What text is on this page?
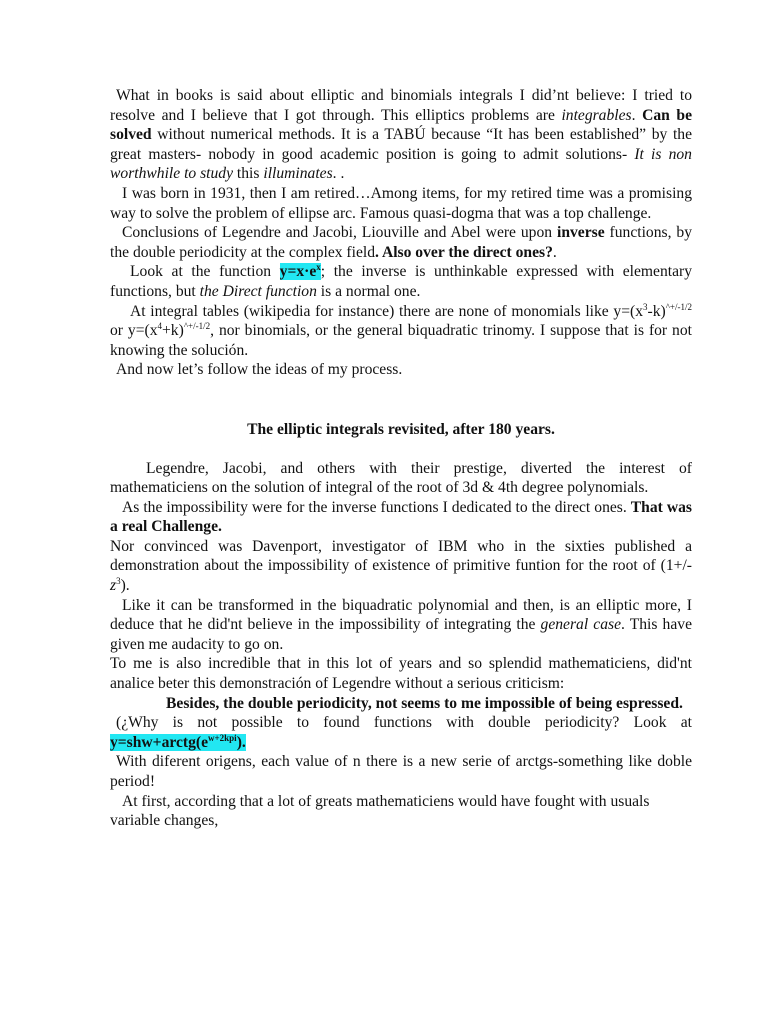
What in books is said about elliptic and binomials integrals I did’nt believe: I tried to resolve and I believe that I got through. This elliptics problems are integrables. Can be solved without numerical methods. It is a TABÚ because “It has been established” by the great masters- nobody in good academic position is going to admit solutions- It is non worthwhile to study this illuminates. .

I was born in 1931, then I am retired…Among items, for my retired time was a promising way to solve the problem of ellipse arc. Famous quasi-dogma that was a top challenge.

Conclusions of Legendre and Jacobi, Liouville and Abel were upon inverse functions, by the double periodicity at the complex field. Also over the direct ones?.

Look at the function $y=x\cdot e^x$; the inverse is unthinkable expressed with elementary functions, but the Direct function is a normal one.

At integral tables (wikipedia for instance) there are none of monomials like $y=(x^3-k)^{\^{}+/-1/2}$ or $y=(x^4+k)^{\^{}+/-1/2}$, nor binomials, or the general biquadratic trinomy. I suppose that is for not knowing the solución.

And now let’s follow the ideas of my process.

The elliptic integrals revisited, after 180 years.

Legendre, Jacobi, and others with their prestige, diverted the interest of mathematiciens on the solution of integral of the root of 3d & 4th degree polynomials.

As the impossibility were for the inverse functions I dedicated to the direct ones. That was a real Challenge.

Nor convinced was Davenport, investigator of IBM who in the sixties published a demonstration about the impossibility of existence of primitive funtion for the root of $(1+/-z^3)$.

Like it can be transformed in the biquadratic polynomial and then, is an elliptic more, I deduce that he did'nt believe in the impossibility of integrating the general case. This have given me audacity to go on.

To me is also incredible that in this lot of years and so splendid mathematiciens, did'nt analice beter this demonstración of Legendre without a serious criticism:

Besides, the double periodicity, not seems to me impossible of being espressed.

(¿Why is not possible to found functions with double periodicity? Look at $y=shw+arctg(e^{w+2kpi})$.

With diferent origens, each value of n there is a new serie of arctgs-something like doble period!

At first, according that a lot of greats mathematiciens would have fought with usuals variable changes,
